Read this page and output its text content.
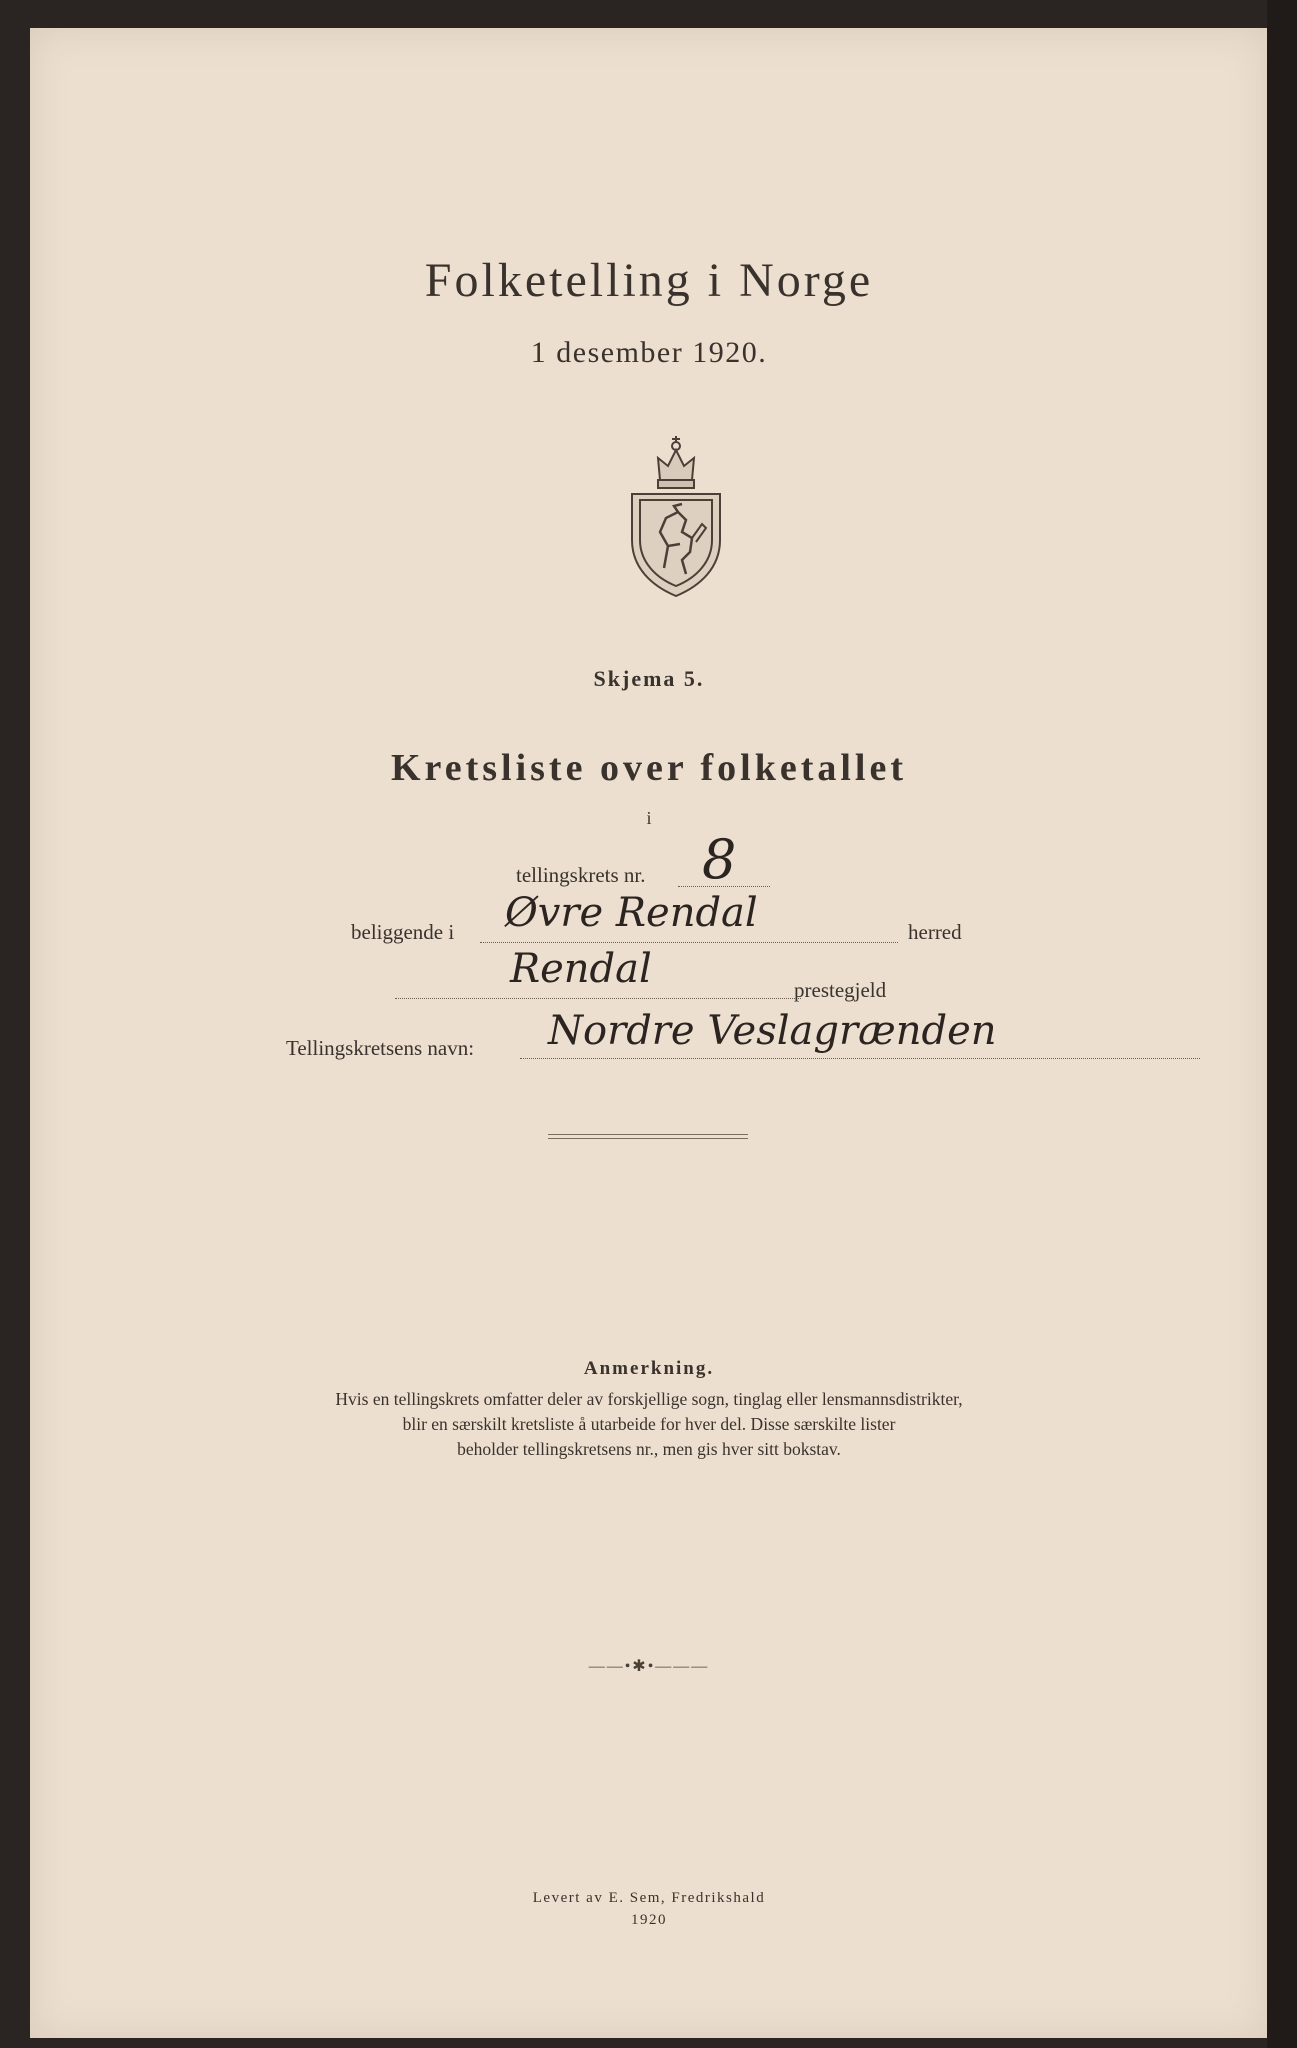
Folketelling i Norge
1 desember 1920.
Skjema 5.
Kretsliste over folketallet
i
tellingskrets nr. 8
beliggende i Øvre Rendal	herred
Rendal	prestegjeld
Tellingskretsens navn: Nordre Veslagrænden
Anmerkning.
Hvis en tellingskrets omfatter deler av forskjellige sogn, tinglag eller lensmannsdistrikter,
blir en særskilt kretsliste å utarbeide for hver del. Disse særskilte lister
beholder tellingskretsens nr., men gis hver sitt bokstav.
——•✱•———
Levert av E. Sem, Fredrikshald
1920
